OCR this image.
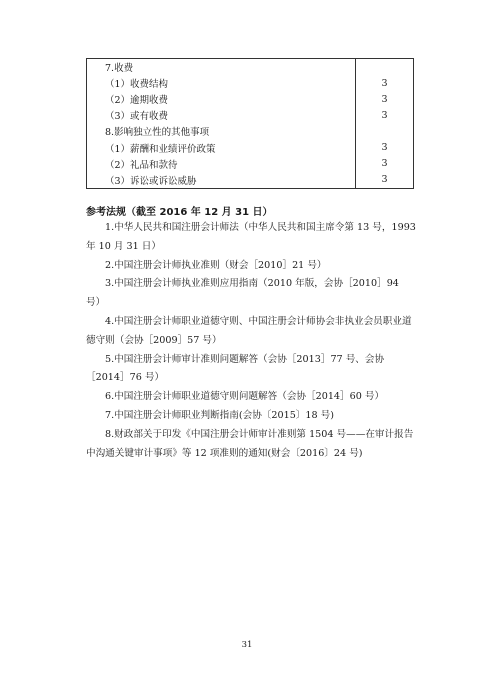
7.收费	
（1）收费结构	3
（2）逾期收费	3
（3）或有收费	3
8.影响独立性的其他事项	
（1）薪酬和业绩评价政策	3
（2）礼品和款待	3
（3）诉讼或诉讼威胁	3
参考法规（截至 2016 年 12 月 31 日）

1.中华人民共和国注册会计师法（中华人民共和国主席令第 13 号，1993 年 10 月 31 日）

2.中国注册会计师执业准则（财会［2010］21 号）

3.中国注册会计师执业准则应用指南（2010 年版，会协［2010］94 号）

4.中国注册会计师职业道德守则、中国注册会计师协会非执业会员职业道德守则（会协［2009］57 号）

5.中国注册会计师审计准则问题解答（会协［2013］77 号、会协［2014］76 号）

6.中国注册会计师职业道德守则问题解答（会协［2014］60 号）

7.中国注册会计师职业判断指南(会协〔2015〕18 号)

8.财政部关于印发《中国注册会计师审计准则第 1504 号——在审计报告中沟通关键审计事项》等 12 项准则的通知(财会〔2016〕24 号)

31
